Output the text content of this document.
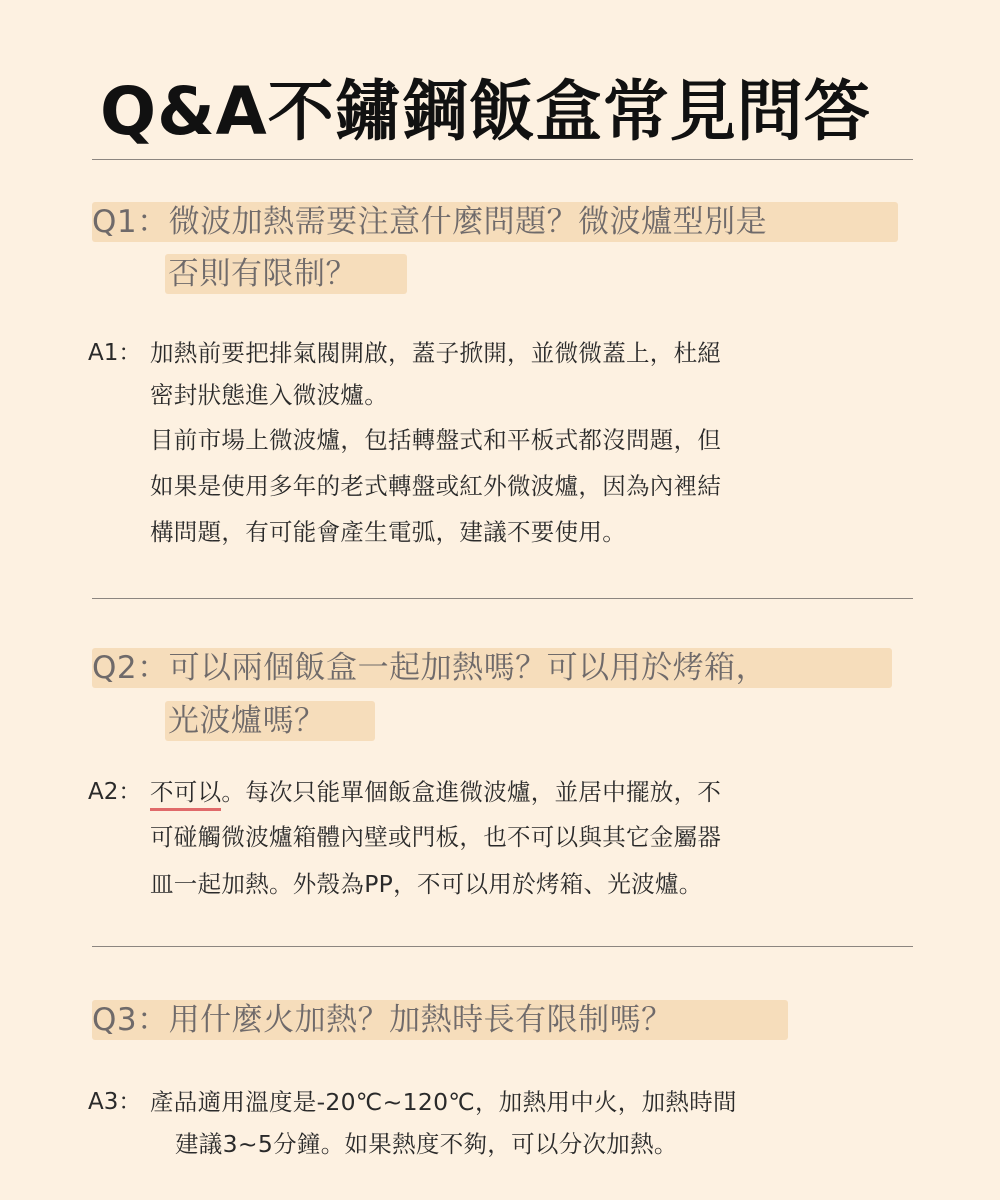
Q&A不鏽鋼飯盒常見問答
Q1：微波加熱需要注意什麼問題？微波爐型別是
否則有限制？
A1： 加熱前要把排氣閥開啟，蓋子掀開，並微微蓋上，杜絕
密封狀態進入微波爐。
目前市場上微波爐，包括轉盤式和平板式都沒問題，但
如果是使用多年的老式轉盤或紅外微波爐，因為內裡結
構問題，有可能會產生電弧，建議不要使用。
Q2：可以兩個飯盒一起加熱嗎？可以用於烤箱，
光波爐嗎？
A2： 不可以。每次只能單個飯盒進微波爐，並居中擺放，不
可碰觸微波爐箱體內壁或門板，也不可以與其它金屬器
皿一起加熱。外殼為PP，不可以用於烤箱、光波爐。
Q3：用什麼火加熱？加熱時長有限制嗎？
A3： 產品適用溫度是-20℃~120℃，加熱用中火，加熱時間
建議3~5分鐘。如果熱度不夠，可以分次加熱。
